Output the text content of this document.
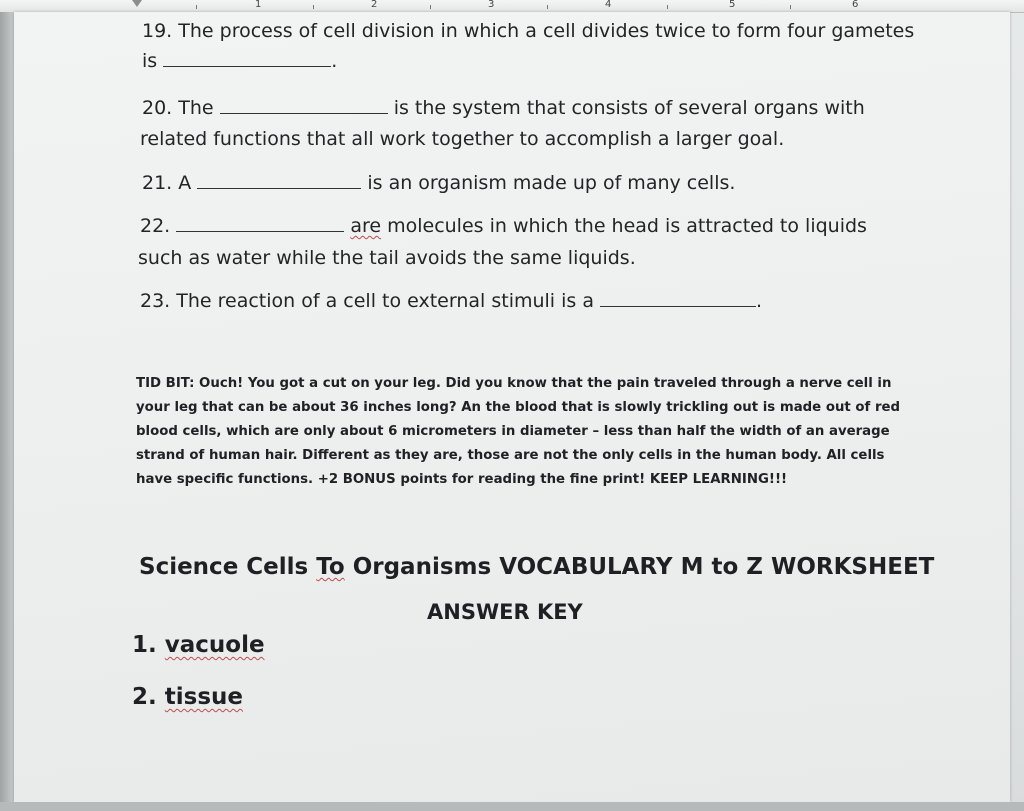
1	2	3	4	5	6
19. The process of cell division in which a cell divides twice to form four gametes
is	.
20. The	is the system that consists of several organs with
related functions that all work together to accomplish a larger goal.
21. A	is an organism made up of many cells.
22.	are molecules in which the head is attracted to liquids
such as water while the tail avoids the same liquids.
23. The reaction of a cell to external stimuli is a	.
TID BIT: Ouch! You got a cut on your leg. Did you know that the pain traveled through a nerve cell in
your leg that can be about 36 inches long? An the blood that is slowly trickling out is made out of red
blood cells, which are only about 6 micrometers in diameter – less than half the width of an average
strand of human hair. Different as they are, those are not the only cells in the human body. All cells
have specific functions. +2 BONUS points for reading the fine print! KEEP LEARNING!!!
Science Cells To Organisms VOCABULARY M to Z WORKSHEET
ANSWER KEY
1. vacuole
2. tissue
